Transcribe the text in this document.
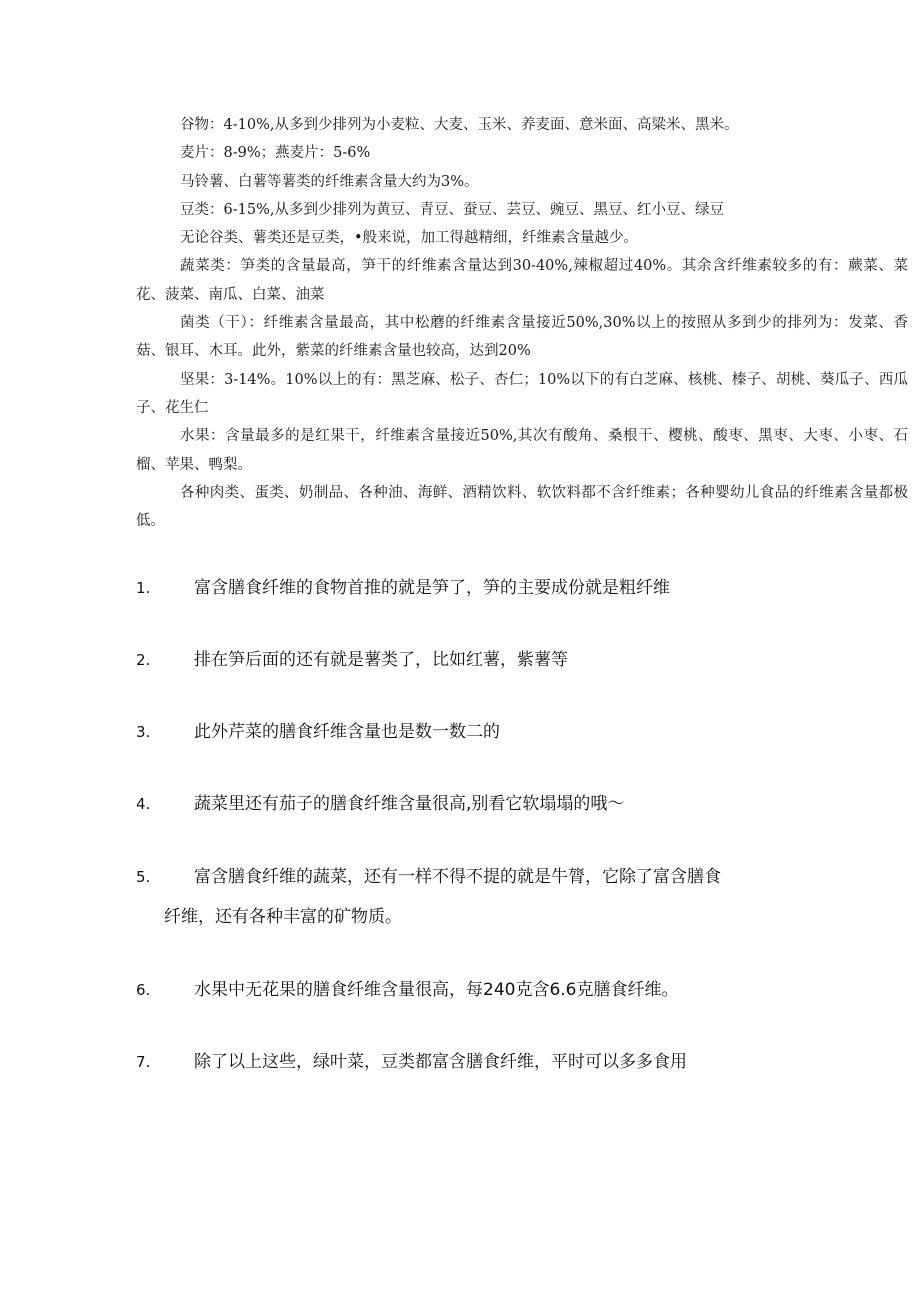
谷物：4-10%,从多到少排列为小麦粒、大麦、玉米、养麦面、意米面、高粱米、黑米。

麦片：8-9%；燕麦片：5-6%

马铃薯、白薯等薯类的纤维素含量大约为3%。

豆类：6-15%,从多到少排列为黄豆、青豆、蚕豆、芸豆、豌豆、黑豆、红小豆、绿豆

无论谷类、薯类还是豆类，•般来说，加工得越精细，纤维素含量越少。

蔬菜类：笋类的含量最高，笋干的纤维素含量达到30-40%,辣椒超过40%。其余含纤维素较多的有：蕨菜、菜花、菠菜、南瓜、白菜、油菜

菌类（干）：纤维素含量最高，其中松蘑的纤维素含量接近50%,30%以上的按照从多到少的排列为：发菜、香菇、银耳、木耳。此外，紫菜的纤维素含量也较高，达到20%

坚果：3-14%。10%以上的有：黑芝麻、松子、杏仁；10%以下的有白芝麻、核桃、榛子、胡桃、葵瓜子、西瓜子、花生仁

水果：含量最多的是红果干，纤维素含量接近50%,其次有酸角、桑根干、樱桃、酸枣、黑枣、大枣、小枣、石榴、苹果、鸭梨。

各种肉类、蛋类、奶制品、各种油、海鲜、酒精饮料、软饮料都不含纤维素；各种婴幼儿食品的纤维素含量都极低。

1.	富含膳食纤维的食物首推的就是笋了，笋的主要成份就是粗纤维
2.	排在笋后面的还有就是薯类了，比如红薯，紫薯等
3.	此外芹菜的膳食纤维含量也是数一数二的
4.	蔬菜里还有茄子的膳食纤维含量很高,别看它软塌塌的哦〜
5.	富含膳食纤维的蔬菜，还有一样不得不提的就是牛膂，它除了富含膳食
纤维，还有各种丰富的矿物质。
6.	水果中无花果的膳食纤维含量很高，每240克含6.6克膳食纤维。
7.	除了以上这些，绿叶菜，豆类都富含膳食纤维，平时可以多多食用
